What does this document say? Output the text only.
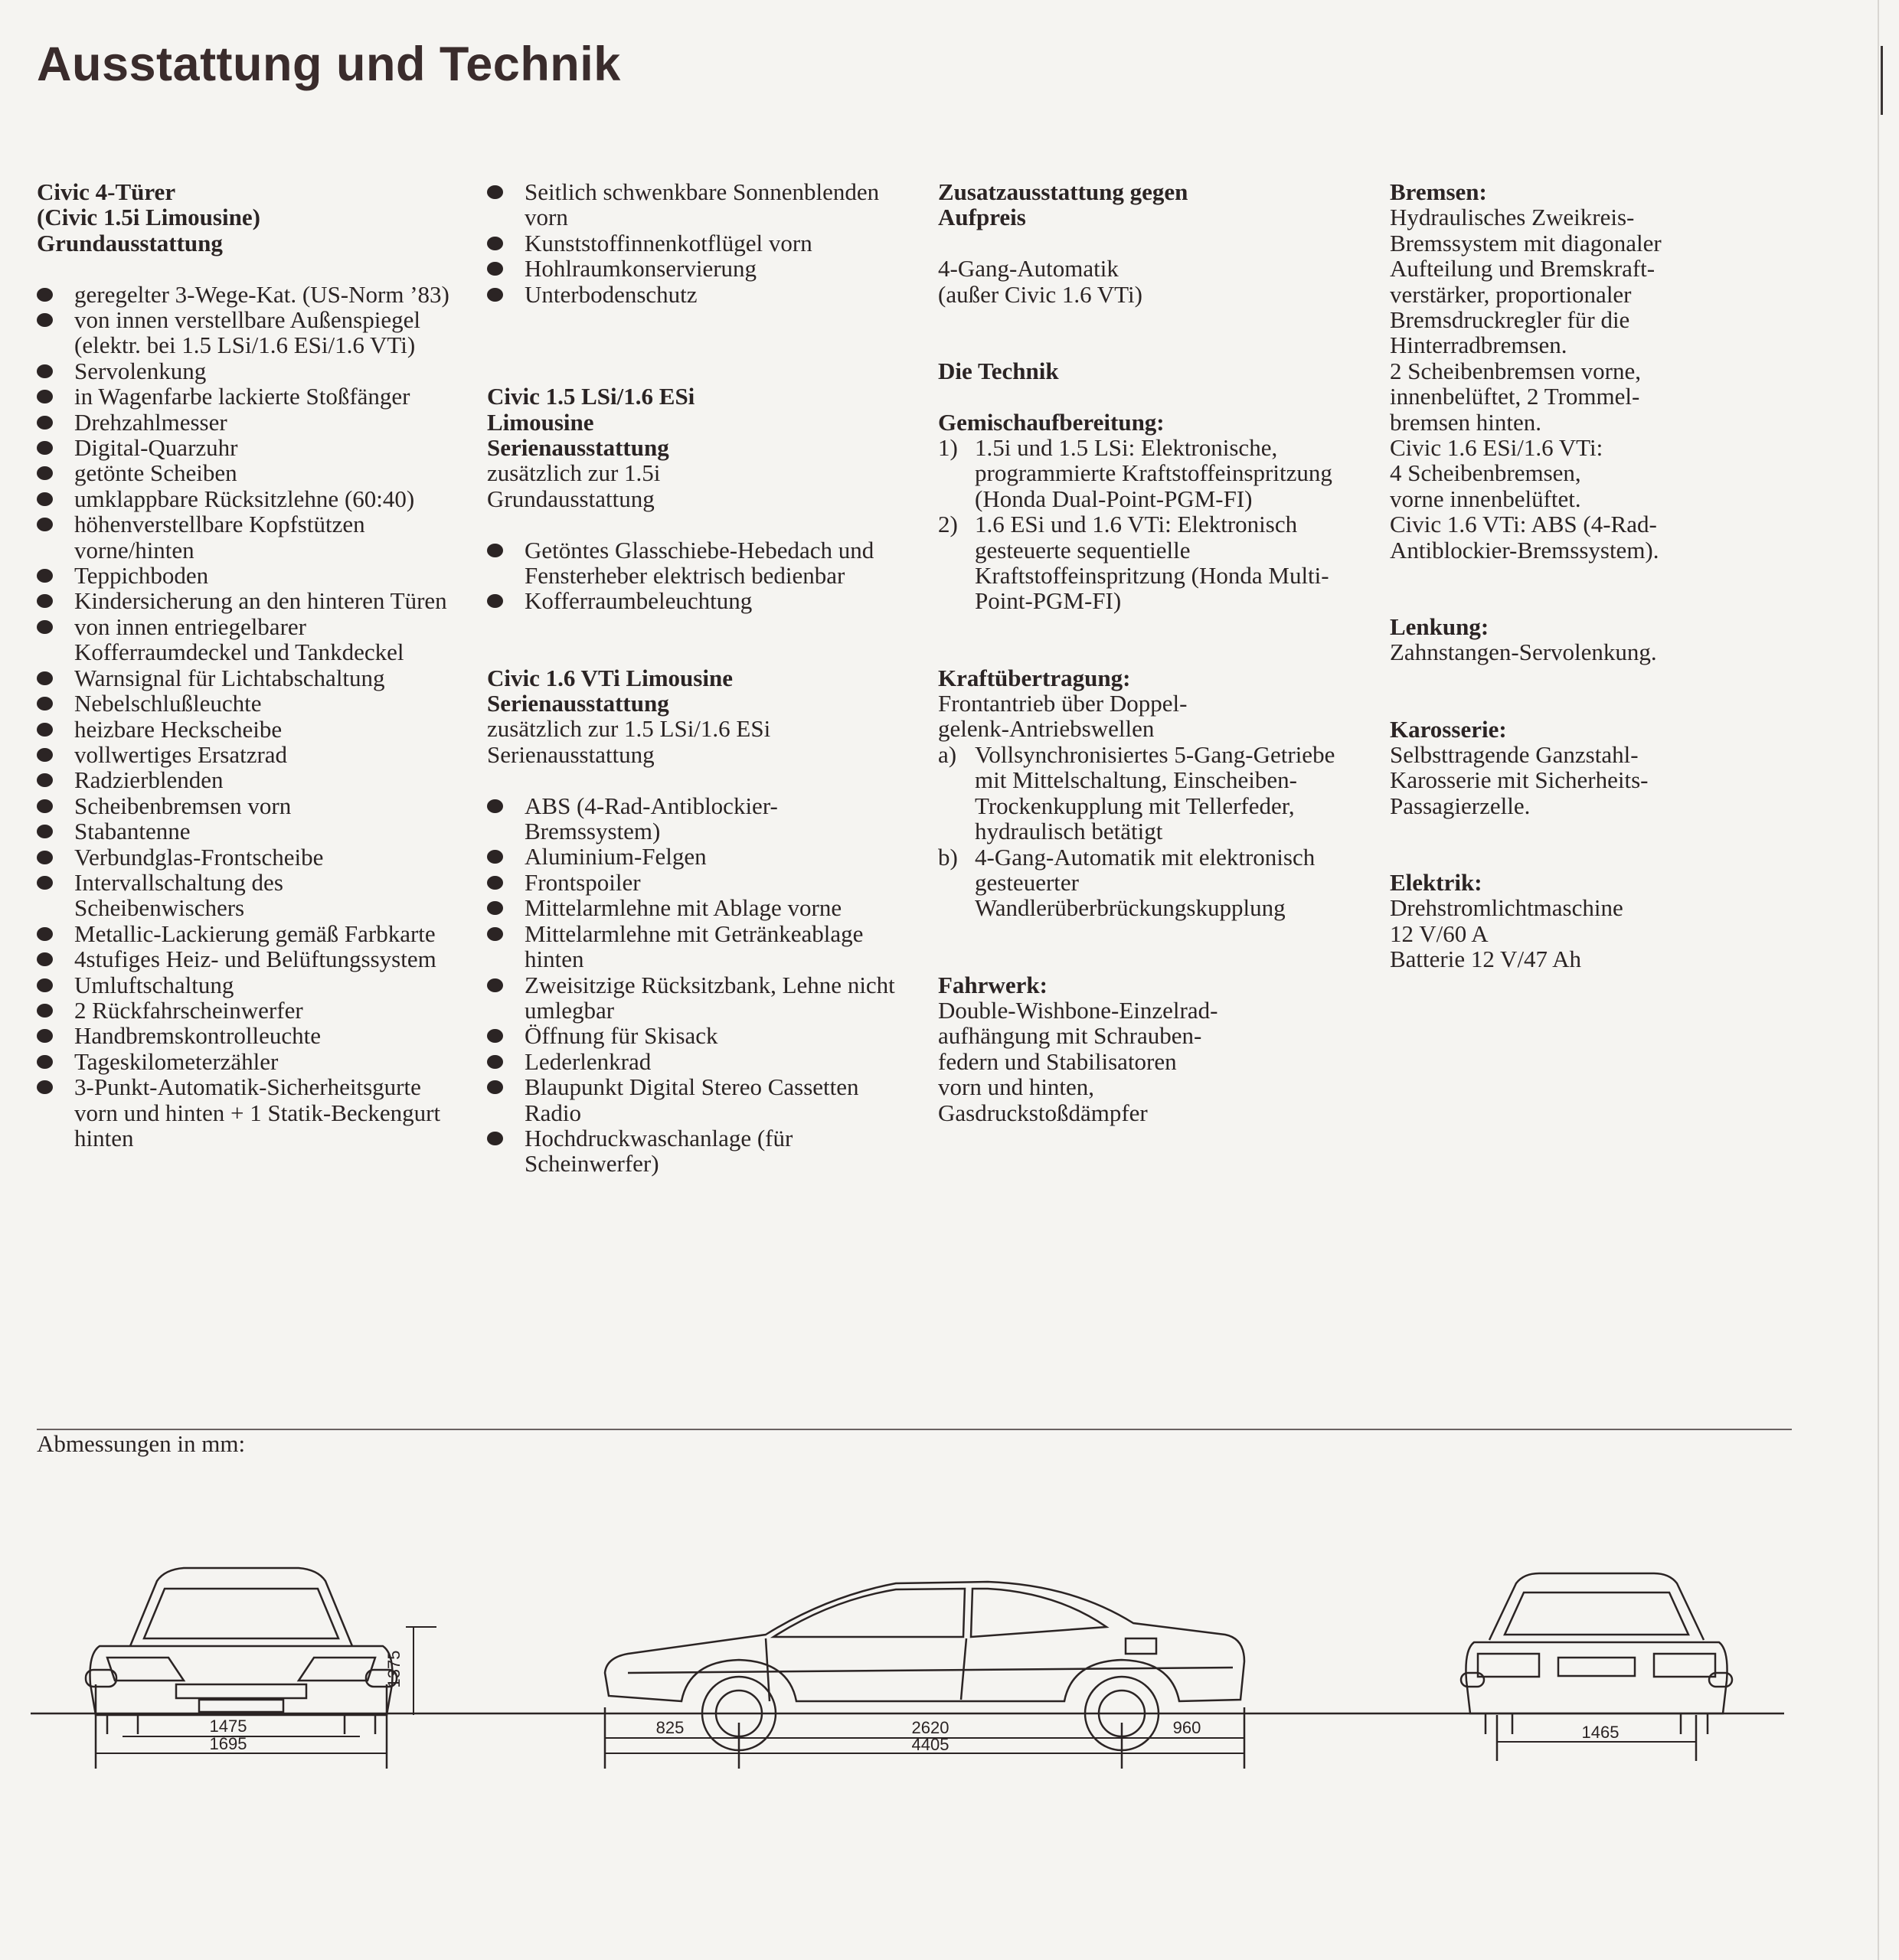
Ausstattung und Technik
Civic 4-Türer
(Civic 1.5i Limousine)
Grundausstattung
geregelter 3-Wege-Kat. (US-Norm ’83)
von innen verstellbare Außenspiegel (elektr. bei 1.5 LSi/1.6 ESi/1.6 VTi)
Servolenkung
in Wagenfarbe lackierte Stoßfänger
Drehzahlmesser
Digital-Quarzuhr
getönte Scheiben
umklappbare Rücksitzlehne (60:40)
höhenverstellbare Kopfstützen vorne/hinten
Teppichboden
Kindersicherung an den hinteren Türen
von innen entriegelbarer Kofferraumdeckel und Tankdeckel
Warnsignal für Lichtabschaltung
Nebelschlußleuchte
heizbare Heckscheibe
vollwertiges Ersatzrad
Radzierblenden
Scheibenbremsen vorn
Stabantenne
Verbundglas-Frontscheibe
Intervallschaltung des Scheibenwischers
Metallic-Lackierung gemäß Farbkarte
4stufiges Heiz- und Belüftungssystem
Umluftschaltung
2 Rückfahrscheinwerfer
Handbremskontrolleuchte
Tageskilometerzähler
3-Punkt-Automatik-Sicherheitsgurte vorn und hinten + 1 Statik-Beckengurt hinten
Seitlich schwenkbare Sonnenblenden vorn
Kunststoffinnenkotflügel vorn
Hohlraumkonservierung
Unterbodenschutz
Civic 1.5 LSi/1.6 ESi
Limousine
Serienausstattung

zusätzlich zur 1.5i
Grundausstattung

Getöntes Glasschiebe-Hebedach und Fensterheber elektrisch bedienbar
Kofferraumbeleuchtung
Civic 1.6 VTi Limousine
Serienausstattung

zusätzlich zur 1.5 LSi/1.6 ESi
Serienausstattung

ABS (4-Rad-Antiblockier-Bremssystem)
Aluminium-Felgen
Frontspoiler
Mittelarmlehne mit Ablage vorne
Mittelarmlehne mit Getränkeablage hinten
Zweisitzige Rücksitzbank, Lehne nicht umlegbar
Öffnung für Skisack
Lederlenkrad
Blaupunkt Digital Stereo Cassetten Radio
Hochdruckwaschanlage (für Scheinwerfer)
Zusatzausstattung gegen
Aufpreis

4-Gang-Automatik
(außer Civic 1.6 VTi)

Die Technik
Gemischaufbereitung:
1) 1.5i und 1.5 LSi: Elektronische, programmierte Kraftstoffeinspritzung (Honda Dual-Point-PGM-FI)
2) 1.6 ESi und 1.6 VTi: Elektronisch gesteuerte sequentielle Kraftstoffeinspritzung (Honda Multi-Point-PGM-FI)
Kraftübertragung:

Frontantrieb über Doppel-
gelenk-Antriebswellen

a) Vollsynchronisiertes 5-Gang-Getriebe mit Mittelschaltung, Einscheiben-Trockenkupplung mit Tellerfeder, hydraulisch betätigt
b) 4-Gang-Automatik mit elektronisch gesteuerter Wandlerüberbrückungskupplung
Fahrwerk:

Double-Wishbone-Einzelrad-
aufhängung mit Schrauben-
federn und Stabilisatoren
vorn und hinten,
Gasdruckstoßdämpfer

Bremsen:

Hydraulisches Zweikreis-
Bremssystem mit diagonaler
Aufteilung und Bremskraft-
verstärker, proportionaler
Bremsdruckregler für die
Hinterradbremsen.
2 Scheibenbremsen vorne,
innenbelüftet, 2 Trommel-
bremsen hinten.
Civic 1.6 ESi/1.6 VTi:
4 Scheibenbremsen,
vorne innenbelüftet.
Civic 1.6 VTi: ABS (4-Rad-
Antiblockier-Bremssystem).

Lenkung:

Zahnstangen-Servolenkung.

Karosserie:

Selbsttragende Ganzstahl-
Karosserie mit Sicherheits-
Passagierzelle.

Elektrik:

Drehstromlichtmaschine
12 V/60 A
Batterie 12 V/47 Ah

Abmessungen in mm:

1475
1695
1375
825	2620	960
4405
1465
